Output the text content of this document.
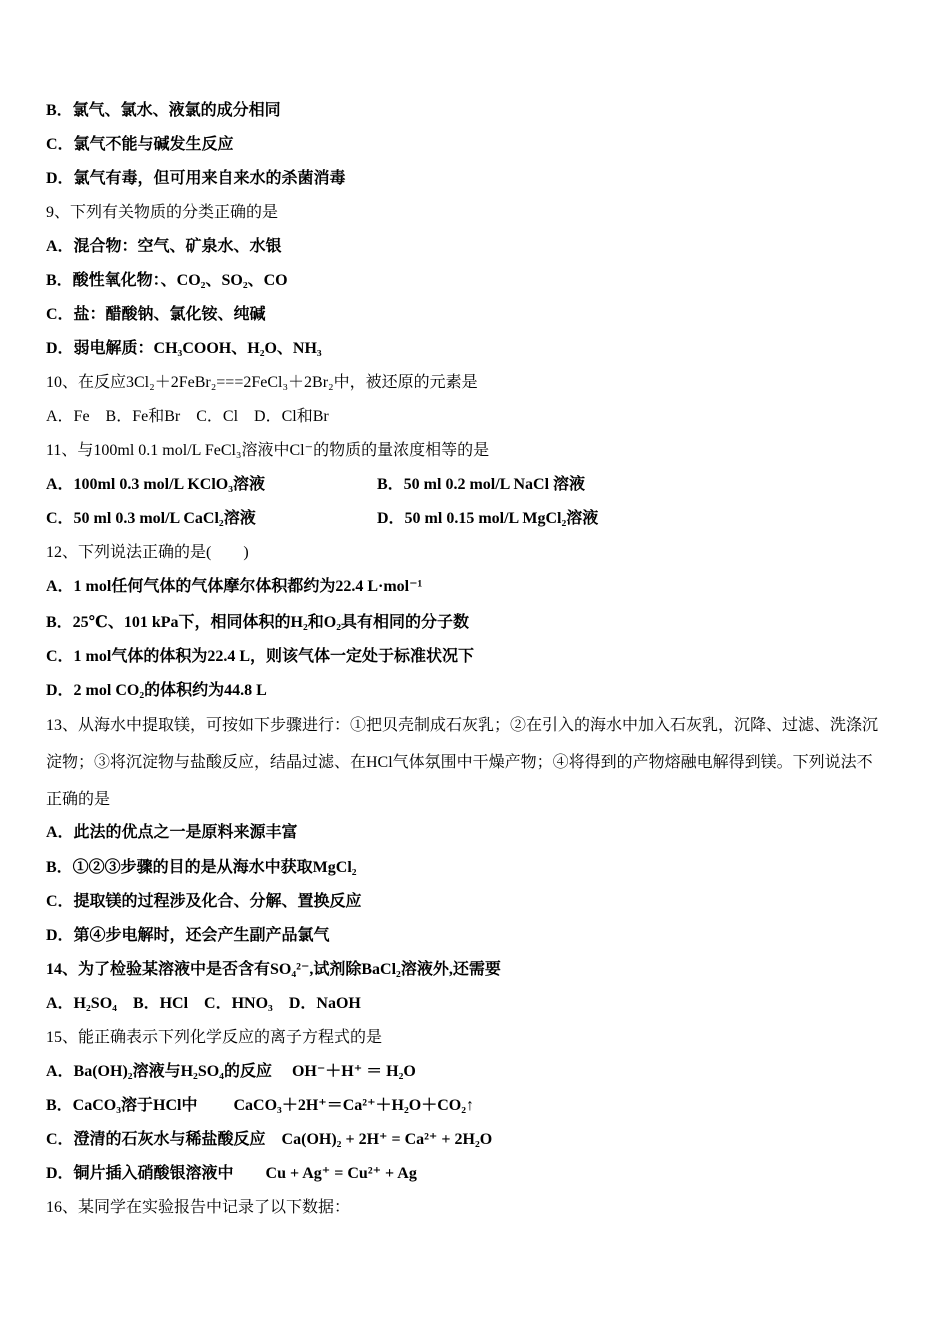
B．氯气、氯水、液氯的成分相同
C．氯气不能与碱发生反应
D．氯气有毒，但可用来自来水的杀菌消毒
9、下列有关物质的分类正确的是
A．混合物：空气、矿泉水、水银
B．酸性氧化物：、CO₂、SO₂、CO
C．盐：醋酸钠、氯化铵、纯碱
D．弱电解质：CH₃COOH、H₂O、NH₃
10、在反应3Cl₂＋2FeBr₂===2FeCl₃＋2Br₂中，被还原的元素是
A．Fe　B．Fe和Br　C．Cl　D．Cl和Br
11、与100ml 0.1 mol/L FeCl₃溶液中Cl⁻的物质的量浓度相等的是
A．100ml 0.3 mol/L KClO₃溶液	B．50 ml 0.2 mol/L NaCl 溶液
C．50 ml 0.3 mol/L CaCl₂溶液	D．50 ml 0.15 mol/L MgCl₂溶液
12、下列说法正确的是(　　)
A．1 mol任何气体的气体摩尔体积都约为22.4 L·mol⁻¹
B．25℃、101 kPa下，相同体积的H₂和O₂具有相同的分子数
C．1 mol气体的体积为22.4 L，则该气体一定处于标准状况下
D．2 mol CO₂的体积约为44.8 L
13、从海水中提取镁，可按如下步骤进行：①把贝壳制成石灰乳；②在引入的海水中加入石灰乳，沉降、过滤、洗涤沉
淀物；③将沉淀物与盐酸反应，结晶过滤、在HCl气体氛围中干燥产物；④将得到的产物熔融电解得到镁。下列说法不
正确的是
A．此法的优点之一是原料来源丰富
B．①②③步骤的目的是从海水中获取MgCl₂
C．提取镁的过程涉及化合、分解、置换反应
D．第④步电解时，还会产生副产品氯气
14、为了检验某溶液中是否含有SO₄²⁻,试剂除BaCl₂溶液外,还需要
A．H₂SO₄　B．HCl　C．HNO₃　D．NaOH
15、能正确表示下列化学反应的离子方程式的是
A．Ba(OH)₂溶液与H₂SO₄的反应　 OH⁻＋H⁺ ＝ H₂O
B．CaCO₃溶于HCl中　　 CaCO₃＋2H⁺＝Ca²⁺＋H₂O＋CO₂↑
C．澄清的石灰水与稀盐酸反应　Ca(OH)₂ + 2H⁺ = Ca²⁺ + 2H₂O
D．铜片插入硝酸银溶液中　　Cu + Ag⁺ = Cu²⁺ + Ag
16、某同学在实验报告中记录了以下数据：
